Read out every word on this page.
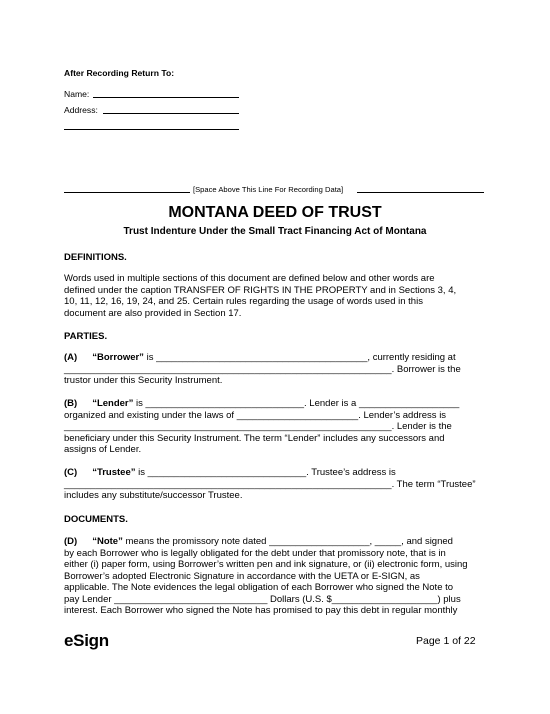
After Recording Return To:
Name:
Address:
[Space Above This Line For Recording Data]
MONTANA DEED OF TRUST
Trust Indenture Under the Small Tract Financing Act of Montana
DEFINITIONS.
Words used in multiple sections of this document are defined below and other words are
defined under the caption TRANSFER OF RIGHTS IN THE PROPERTY and in Sections 3, 4,
10, 11, 12, 16, 19, 24, and 25. Certain rules regarding the usage of words used in this
document are also provided in Section 17.
PARTIES.
(A) “Borrower” is ________________________________________, currently residing at
______________________________________________________________. Borrower is the
trustor under this Security Instrument.
(B) “Lender” is ______________________________. Lender is a ___________________
organized and existing under the laws of _______________________. Lender’s address is
______________________________________________________________. Lender is the
beneficiary under this Security Instrument. The term “Lender” includes any successors and
assigns of Lender.
(C) “Trustee” is ______________________________. Trustee’s address is
______________________________________________________________. The term “Trustee”
includes any substitute/successor Trustee.
DOCUMENTS.
(D) “Note” means the promissory note dated ___________________, _____, and signed
by each Borrower who is legally obligated for the debt under that promissory note, that is in
either (i) paper form, using Borrower’s written pen and ink signature, or (ii) electronic form, using
Borrower’s adopted Electronic Signature in accordance with the UETA or E-SIGN, as
applicable. The Note evidences the legal obligation of each Borrower who signed the Note to
pay Lender _____________________________ Dollars (U.S. $____________________) plus
interest. Each Borrower who signed the Note has promised to pay this debt in regular monthly
eSign	Page 1 of 22
